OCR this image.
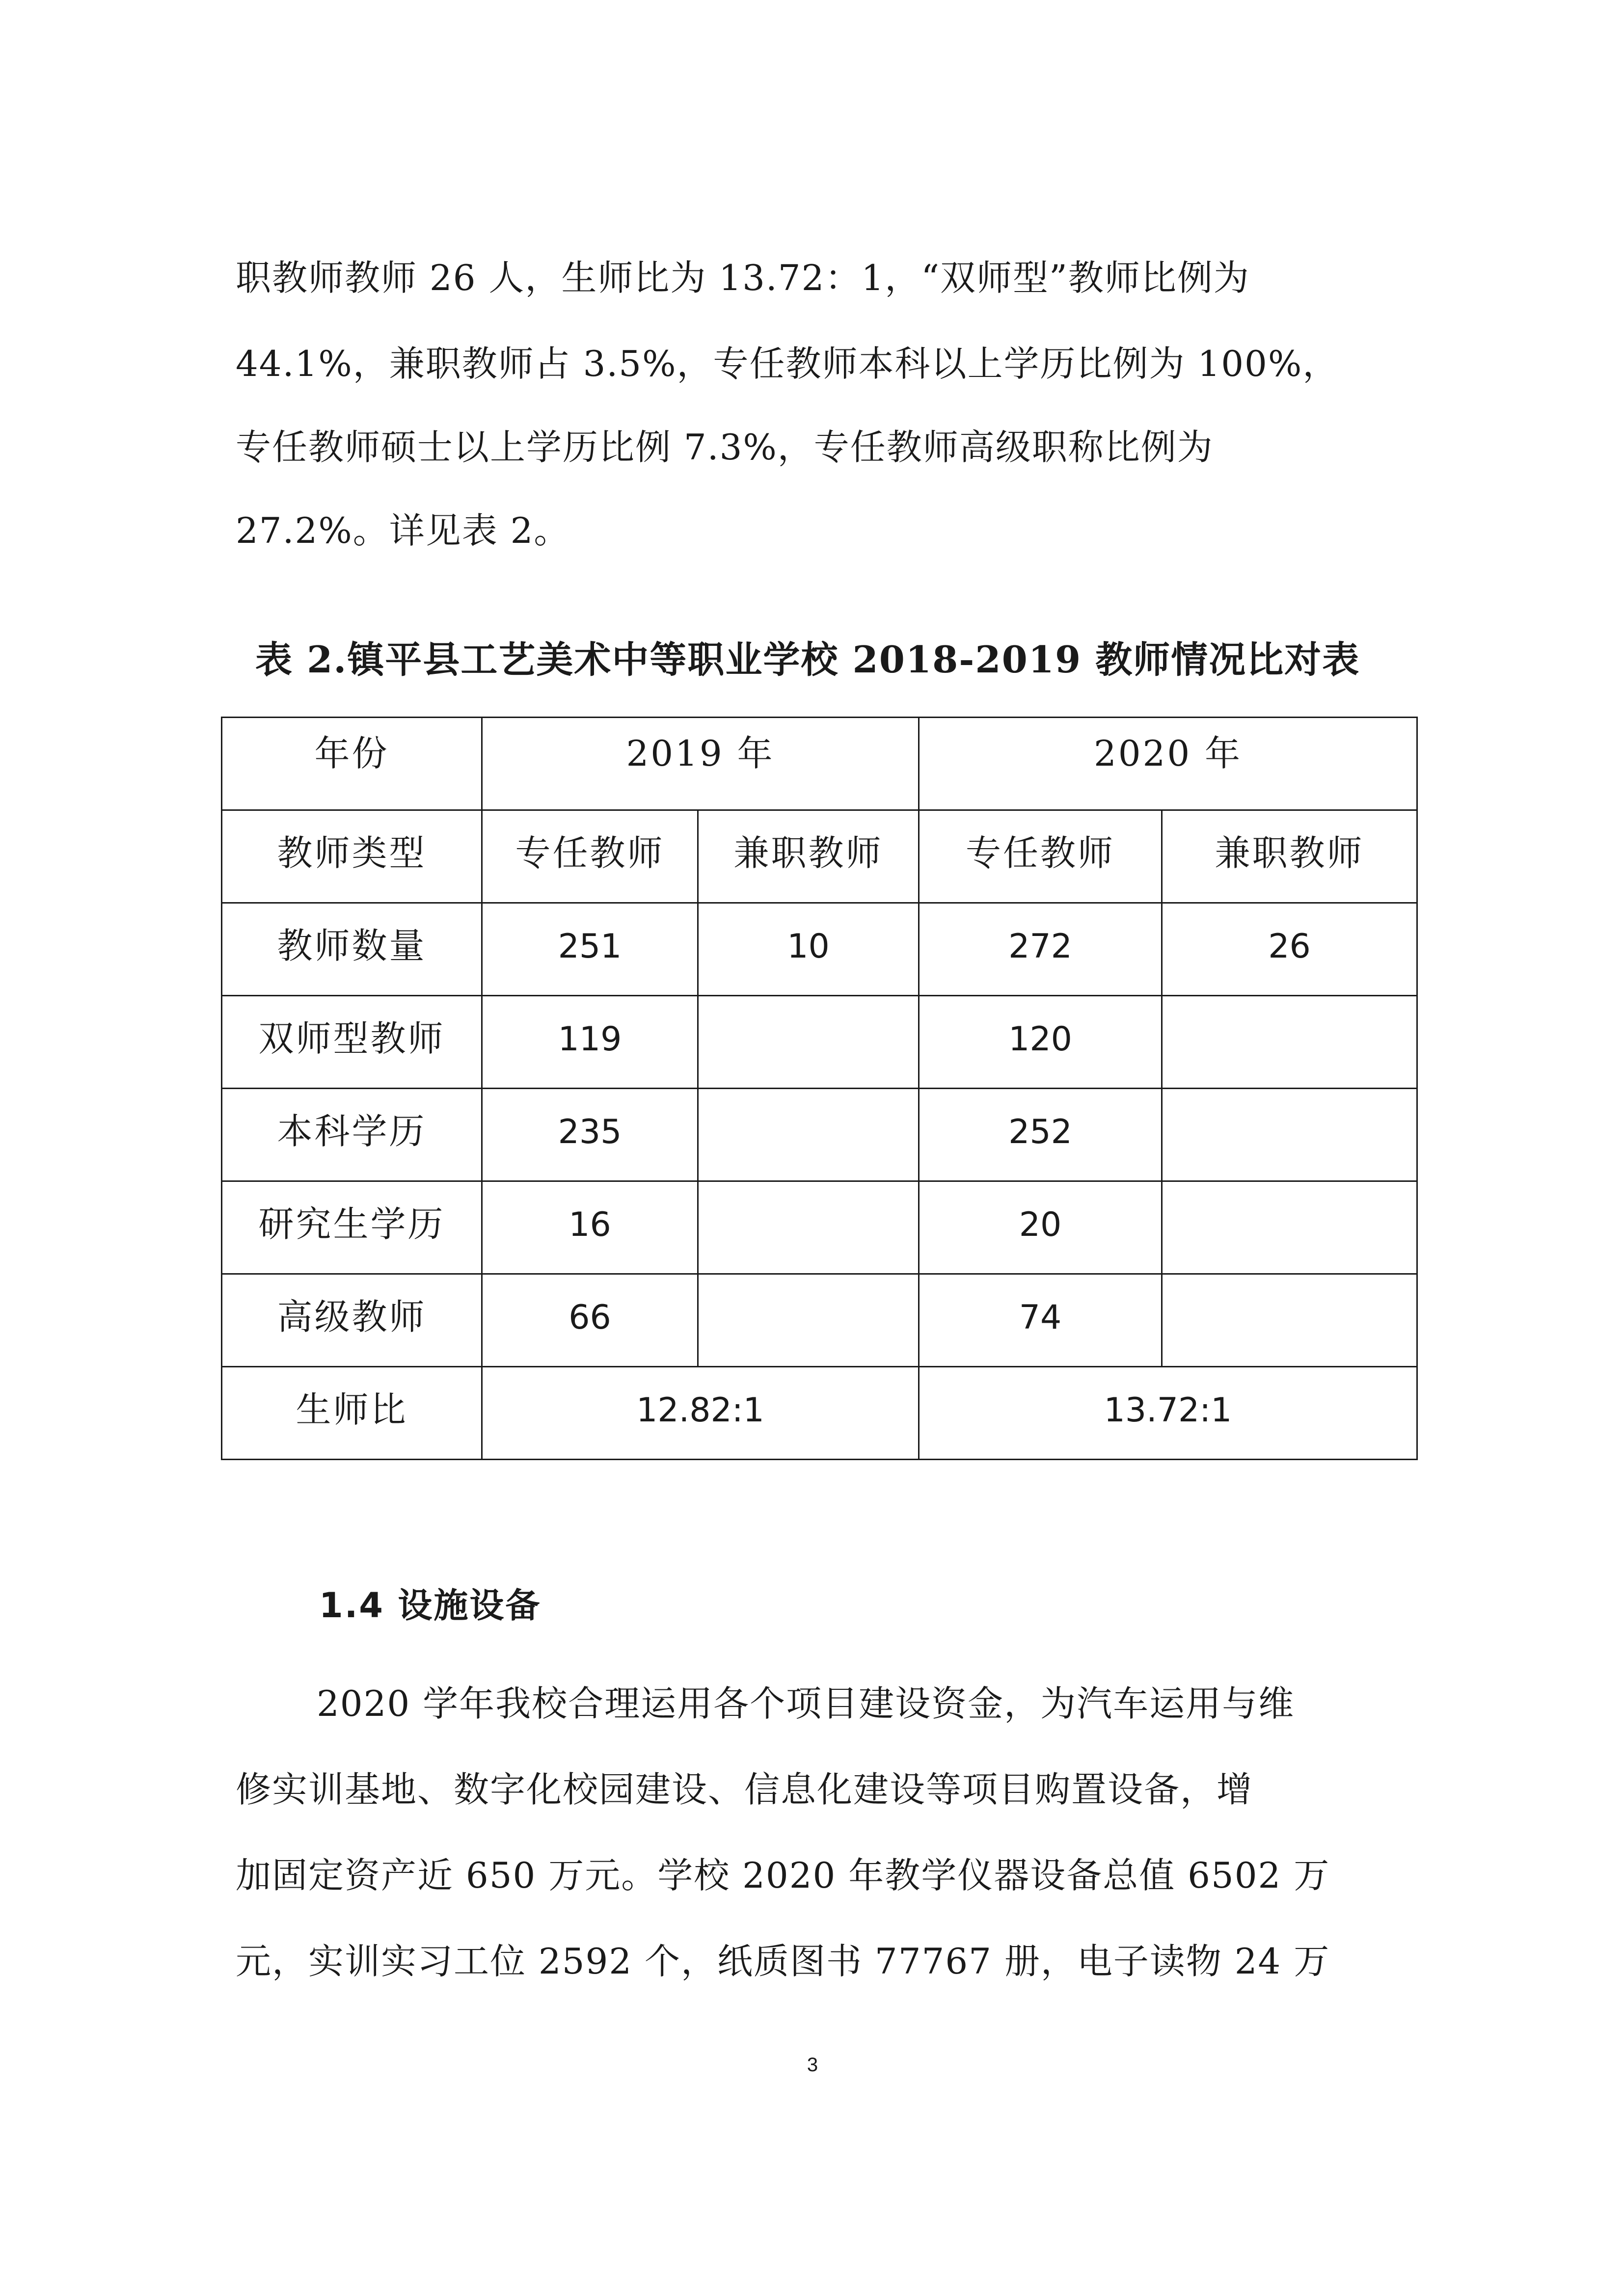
职教师教师 26 人，生师比为 13.72：1，“双师型”教师比例为
44.1%，兼职教师占 3.5%，专任教师本科以上学历比例为 100%，
专任教师硕士以上学历比例 7.3%，专任教师高级职称比例为
27.2%。详见表 2。
表 2.镇平县工艺美术中等职业学校 2018-2019 教师情况比对表
年份	2019 年		2020 年	

教师类型	专任教师	兼职教师	专任教师	兼职教师

教师数量	251	10	272	26

双师型教师	119		120	

本科学历	235		252	

研究生学历	16		20	

高级教师	66		74	

生师比	12.82:1		13.72:1	
1.4 设施设备
2020 学年我校合理运用各个项目建设资金，为汽车运用与维
修实训基地、数字化校园建设、信息化建设等项目购置设备，增
加固定资产近 650 万元。学校 2020 年教学仪器设备总值 6502 万
元，实训实习工位 2592 个，纸质图书 77767 册，电子读物 24 万
3
